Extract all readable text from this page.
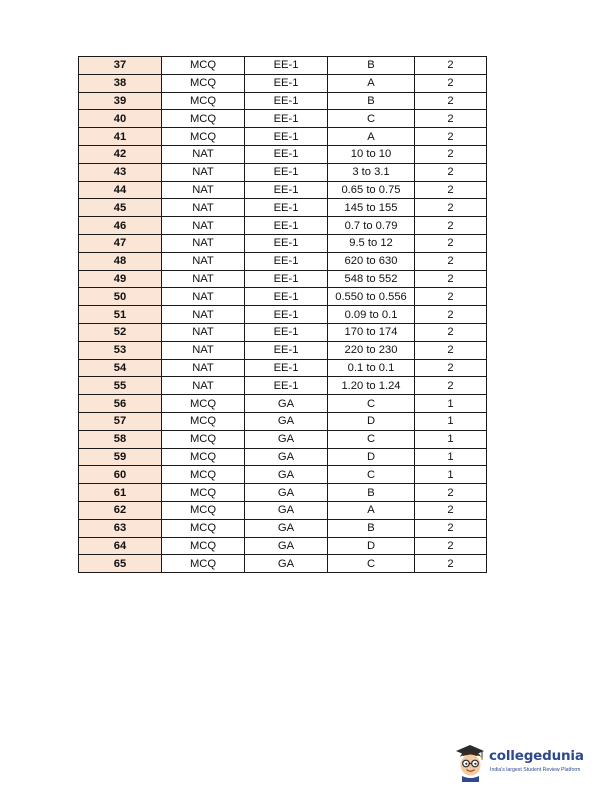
37	MCQ	EE-1	B	2
38	MCQ	EE-1	A	2
39	MCQ	EE-1	B	2
40	MCQ	EE-1	C	2
41	MCQ	EE-1	A	2
42	NAT	EE-1	10 to 10	2
43	NAT	EE-1	3 to 3.1	2
44	NAT	EE-1	0.65 to 0.75	2
45	NAT	EE-1	145 to 155	2
46	NAT	EE-1	0.7 to 0.79	2
47	NAT	EE-1	9.5 to 12	2
48	NAT	EE-1	620 to 630	2
49	NAT	EE-1	548 to 552	2
50	NAT	EE-1	0.550 to 0.556	2
51	NAT	EE-1	0.09 to 0.1	2
52	NAT	EE-1	170 to 174	2
53	NAT	EE-1	220 to 230	2
54	NAT	EE-1	0.1 to 0.1	2
55	NAT	EE-1	1.20 to 1.24	2
56	MCQ	GA	C	1
57	MCQ	GA	D	1
58	MCQ	GA	C	1
59	MCQ	GA	D	1
60	MCQ	GA	C	1
61	MCQ	GA	B	2
62	MCQ	GA	A	2
63	MCQ	GA	B	2
64	MCQ	GA	D	2
65	MCQ	GA	C	2
collegedunia
India's largest Student Review Platform
